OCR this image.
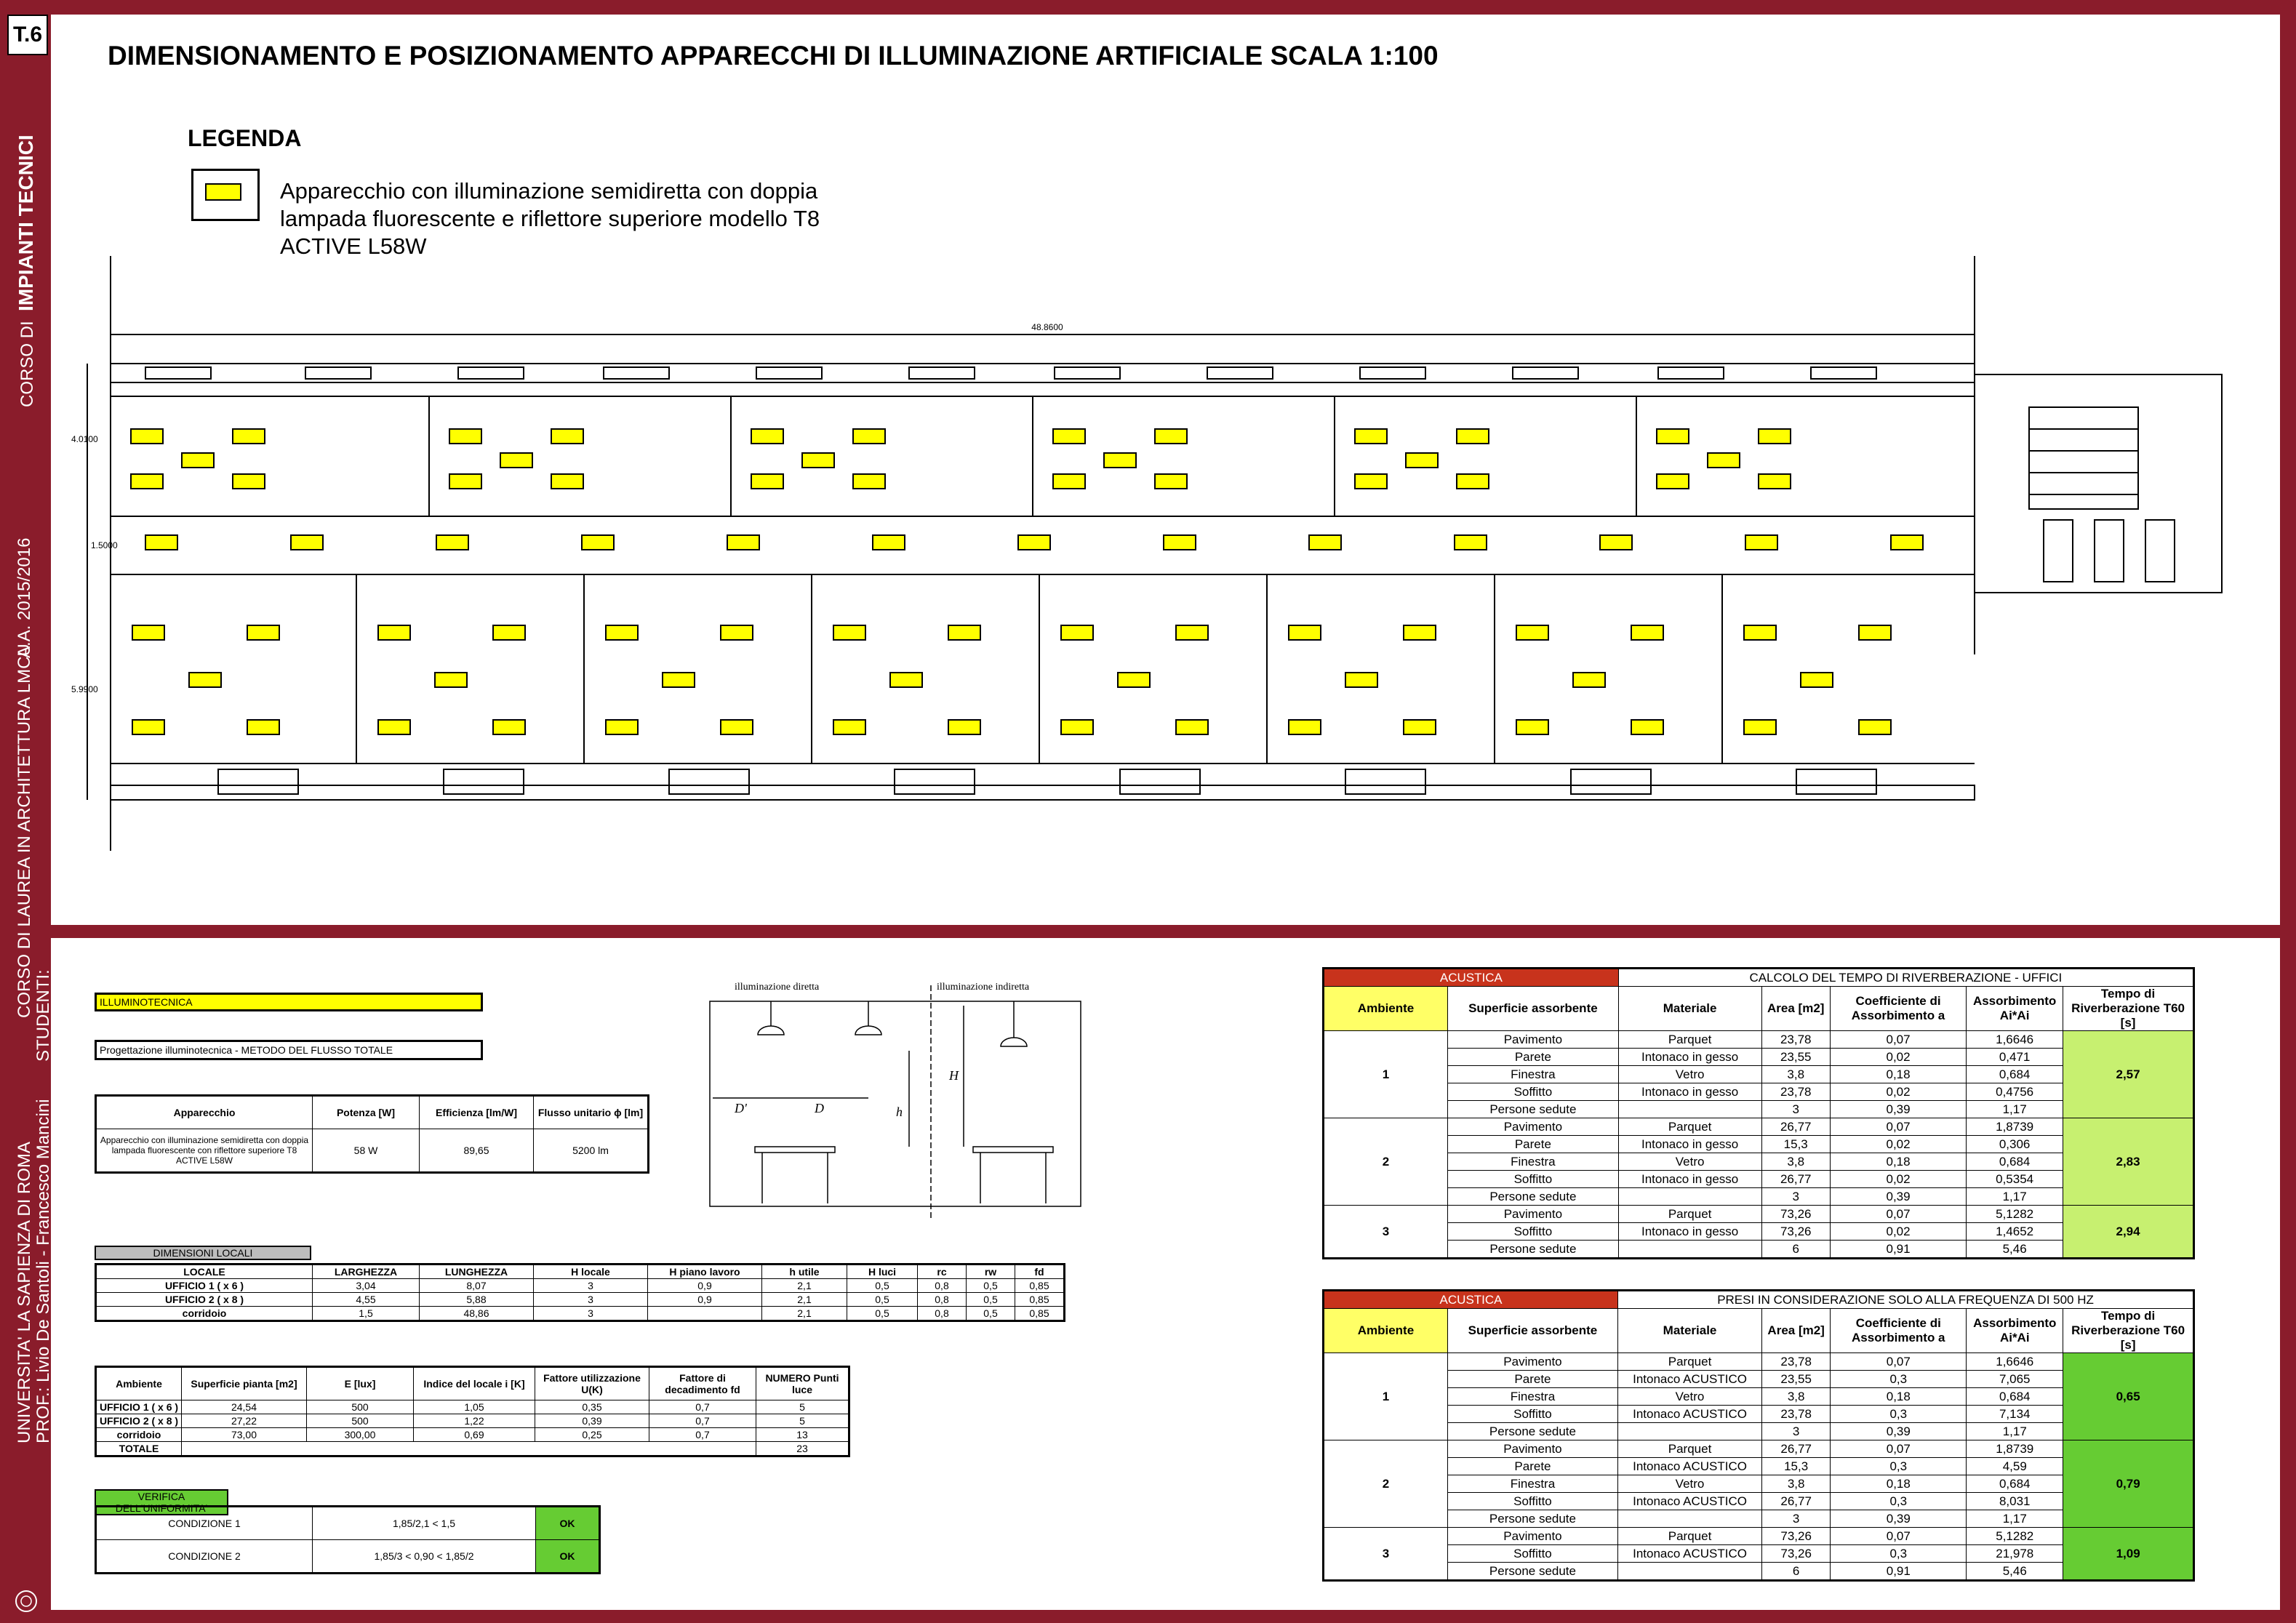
T.6
CORSO DI  IMPIANTI TECNICI
A.A. 2015/2016
CORSO DI LAUREA IN ARCHITETTURA LMCU
UNIVERSITA' LA SAPIENZA DI ROMA
STUDENTI:
PROF.: Livio De Santoli - Francesco Mancini
DIMENSIONAMENTO E POSIZIONAMENTO APPARECCHI DI ILLUMINAZIONE ARTIFICIALE SCALA 1:100
LEGENDA
Apparecchio con illuminazione semidiretta con doppia lampada fluorescente e riflettore superiore modello T8 ACTIVE L58W
48.8600
4.0100
1.5000
5.9900
ILLUMINOTECNICA
Progettazione illuminotecnica - METODO DEL FLUSSO TOTALE
Apparecchio	Potenza [W]	Efficienza [lm/W]	Flusso unitario ϕ [lm]
Apparecchio con illuminazione semidiretta con doppia lampada fluorescente con riflettore superiore T8 ACTIVE L58W	58 W	89,65	5200 lm
DIMENSIONI LOCALI
LOCALE	LARGHEZZA	LUNGHEZZA	H locale	H piano lavoro	h utile	H luci	rc	rw	fd
UFFICIO 1 ( x 6 )	3,04	8,07	3	0,9	2,1	0,5	0,8	0,5	0,85
UFFICIO 2 ( x 8 )	4,55	5,88	3	0,9	2,1	0,5	0,8	0,5	0,85
corridoio	1,5	48,86	3		2,1	0,5	0,8	0,5	0,85
Ambiente	Superficie pianta [m2]	E [lux]	Indice del locale i [K]	Fattore utilizzazione U(K)	Fattore di decadimento fd	NUMERO Punti luce
UFFICIO 1 ( x 6 )	24,54	500	1,05	0,35	0,7	5
UFFICIO 2 ( x 8 )	27,22	500	1,22	0,39	0,7	5
corridoio	73,00	300,00	0,69	0,25	0,7	13
TOTALE						23
VERIFICA DELL'UNIFORMITA'
CONDIZIONE 1	1,85/2,1 < 1,5	OK
CONDIZIONE 2	1,85/3 < 0,90 < 1,85/2	OK
illuminazione diretta	illuminazione indiretta
H
h
D'	D
ACUSTICA		CALCOLO DEL TEMPO DI RIVERBERAZIONE - UFFICI				
Ambiente	Superficie assorbente	Materiale	Area [m2]	Coefficiente di Assorbimento a	Assorbimento Ai*Ai	Tempo di Riverberazione T60 [s]
1	Pavimento	Parquet	23,78	0,07	1,6646	2,57
	Parete	Intonaco in gesso	23,55	0,02	0,471	
	Finestra	Vetro	3,8	0,18	0,684	
	Soffitto	Intonaco in gesso	23,78	0,02	0,4756	
	Persone sedute		3	0,39	1,17	
2	Pavimento	Parquet	26,77	0,07	1,8739	2,83
	Parete	Intonaco in gesso	15,3	0,02	0,306	
	Finestra	Vetro	3,8	0,18	0,684	
	Soffitto	Intonaco in gesso	26,77	0,02	0,5354	
	Persone sedute		3	0,39	1,17	
3	Pavimento	Parquet	73,26	0,07	5,1282	2,94
	Soffitto	Intonaco in gesso	73,26	0,02	1,4652	
	Persone sedute		6	0,91	5,46	
ACUSTICA		PRESI IN CONSIDERAZIONE SOLO ALLA FREQUENZA DI 500 HZ				
Ambiente	Superficie assorbente	Materiale	Area [m2]	Coefficiente di Assorbimento a	Assorbimento Ai*Ai	Tempo di Riverberazione T60 [s]
1	Pavimento	Parquet	23,78	0,07	1,6646	0,65
	Parete	Intonaco ACUSTICO	23,55	0,3	7,065	
	Finestra	Vetro	3,8	0,18	0,684	
	Soffitto	Intonaco ACUSTICO	23,78	0,3	7,134	
	Persone sedute		3	0,39	1,17	
2	Pavimento	Parquet	26,77	0,07	1,8739	0,79
	Parete	Intonaco ACUSTICO	15,3	0,3	4,59	
	Finestra	Vetro	3,8	0,18	0,684	
	Soffitto	Intonaco ACUSTICO	26,77	0,3	8,031	
	Persone sedute		3	0,39	1,17	
3	Pavimento	Parquet	73,26	0,07	5,1282	1,09
	Soffitto	Intonaco ACUSTICO	73,26	0,3	21,978	
	Persone sedute		6	0,91	5,46	
